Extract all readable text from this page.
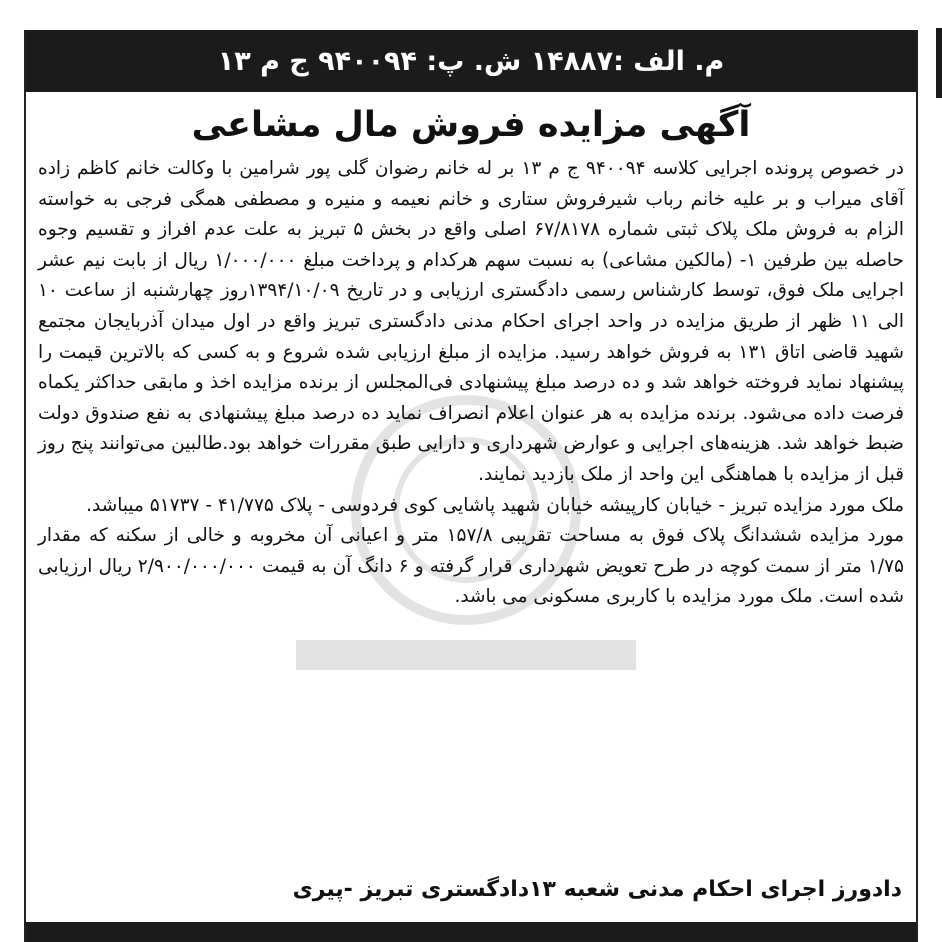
م. الف :۱۴۸۸۷ ش. پ: ۹۴۰۰۹۴ ج م ۱۳
آگهی مزایده فروش مال مشاعی

در خصوص پرونده اجرایی کلاسه ۹۴۰۰۹۴ ج م ۱۳ بر له خانم رضوان گلی پور شرامین با وکالت خانم کاظم زاده آقای میراب و بر علیه خانم رباب شیرفروش ستاری و خانم نعیمه و منیره و مصطفی همگی فرجی به خواسته الزام به فروش ملک پلاک ثبتی شماره ۶۷/۸۱۷۸ اصلی واقع در بخش ۵ تبریز به علت عدم افراز و تقسیم وجوه حاصله بین طرفین ۱- (مالکین مشاعی) به نسبت سهم هرکدام و پرداخت مبلغ ۱/۰۰۰/۰۰۰ ریال از بابت نیم عشر اجرایی ملک فوق، توسط کارشناس رسمی دادگستری ارزیابی و در تاریخ ۱۳۹۴/۱۰/۰۹روز چهارشنبه از ساعت ۱۰ الی ۱۱ ظهر از طریق مزایده در واحد اجرای احکام مدنی دادگستری تبریز واقع در اول میدان آذربایجان مجتمع شهید قاضی اتاق ۱۳۱ به فروش خواهد رسید. مزایده از مبلغ ارزیابی شده شروع و به کسی که بالاترین قیمت را پیشنهاد نماید فروخته خواهد شد و ده درصد مبلغ پیشنهادی فی‌المجلس از برنده مزایده اخذ و مابقی حداکثر یکماه فرصت داده می‌شود. برنده مزایده به هر عنوان اعلام انصراف نماید ده درصد مبلغ پیشنهادی به نفع صندوق دولت ضبط خواهد شد. هزینه‌های اجرایی و عوارض شهرداری و دارایی طبق مقررات خواهد بود.طالبین می‌توانند پنج روز قبل از مزایده با هماهنگی این واحد از ملک بازدید نمایند.

ملک مورد مزایده تبریز - خیابان کارپیشه خیابان شهید پاشایی کوی فردوسی - پلاک ۴۱/۷۷۵ - ۵۱۷۳۷ میباشد.

مورد مزایده ششدانگ پلاک فوق به مساحت تقریبی ۱۵۷/۸ متر و اعیانی آن مخروبه و خالی از سکنه که مقدار ۱/۷۵ متر از سمت کوچه در طرح تعویض شهرداری قرار گرفته و ۶ دانگ آن به قیمت ۲/۹۰۰/۰۰۰/۰۰۰ ریال ارزیابی شده است. ملک مورد مزایده با کاربری مسکونی می باشد.

دادورز اجرای احکام مدنی شعبه ۱۳دادگستری تبریز -پیری
